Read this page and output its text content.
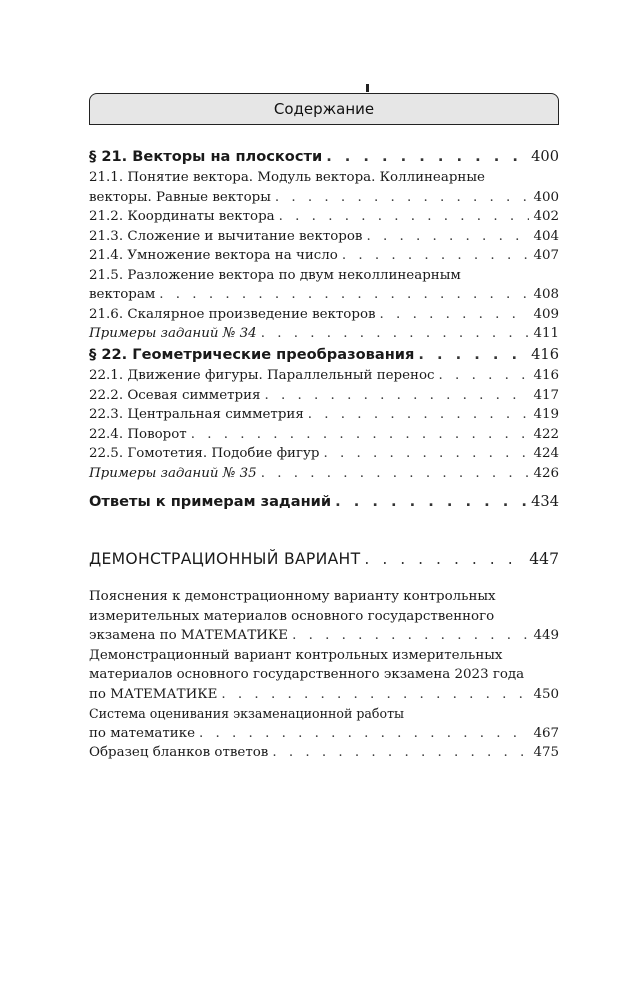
Содержание
§ 21. Векторы на плоскости . . .	400
21.1. Понятие вектора. Модуль вектора. Коллинеарные
векторы. Равные векторы . . .	400
21.2. Координаты вектора . . .	402
21.3. Сложение и вычитание векторов . . .	404
21.4. Умножение вектора на число . . .	407
21.5. Разложение вектора по двум неколлинеарным
векторам . . .	408
21.6. Скалярное произведение векторов . . .	409
Примеры заданий № 34 . . .	411
§ 22. Геометрические преобразования . . .	416
22.1. Движение фигуры. Параллельный перенос . . .	416
22.2. Осевая симметрия . . .	417
22.3. Центральная симметрия . . .	419
22.4. Поворот . . .	422
22.5. Гомотетия. Подобие фигур . . .	424
Примеры заданий № 35 . . .	426
Ответы к примерам заданий . . .	434
ДЕМОНСТРАЦИОННЫЙ ВАРИАНТ . . .	447
Пояснения к демонстрационному варианту контрольных
измерительных материалов основного государственного
экзамена по МАТЕМАТИКЕ . . .	449
Демонстрационный вариант контрольных измерительных
материалов основного государственного экзамена 2023 года
по МАТЕМАТИКЕ . . .	450
Система оценивания экзаменационной работы
по математике . . .	467
Образец бланков ответов . . .	475
